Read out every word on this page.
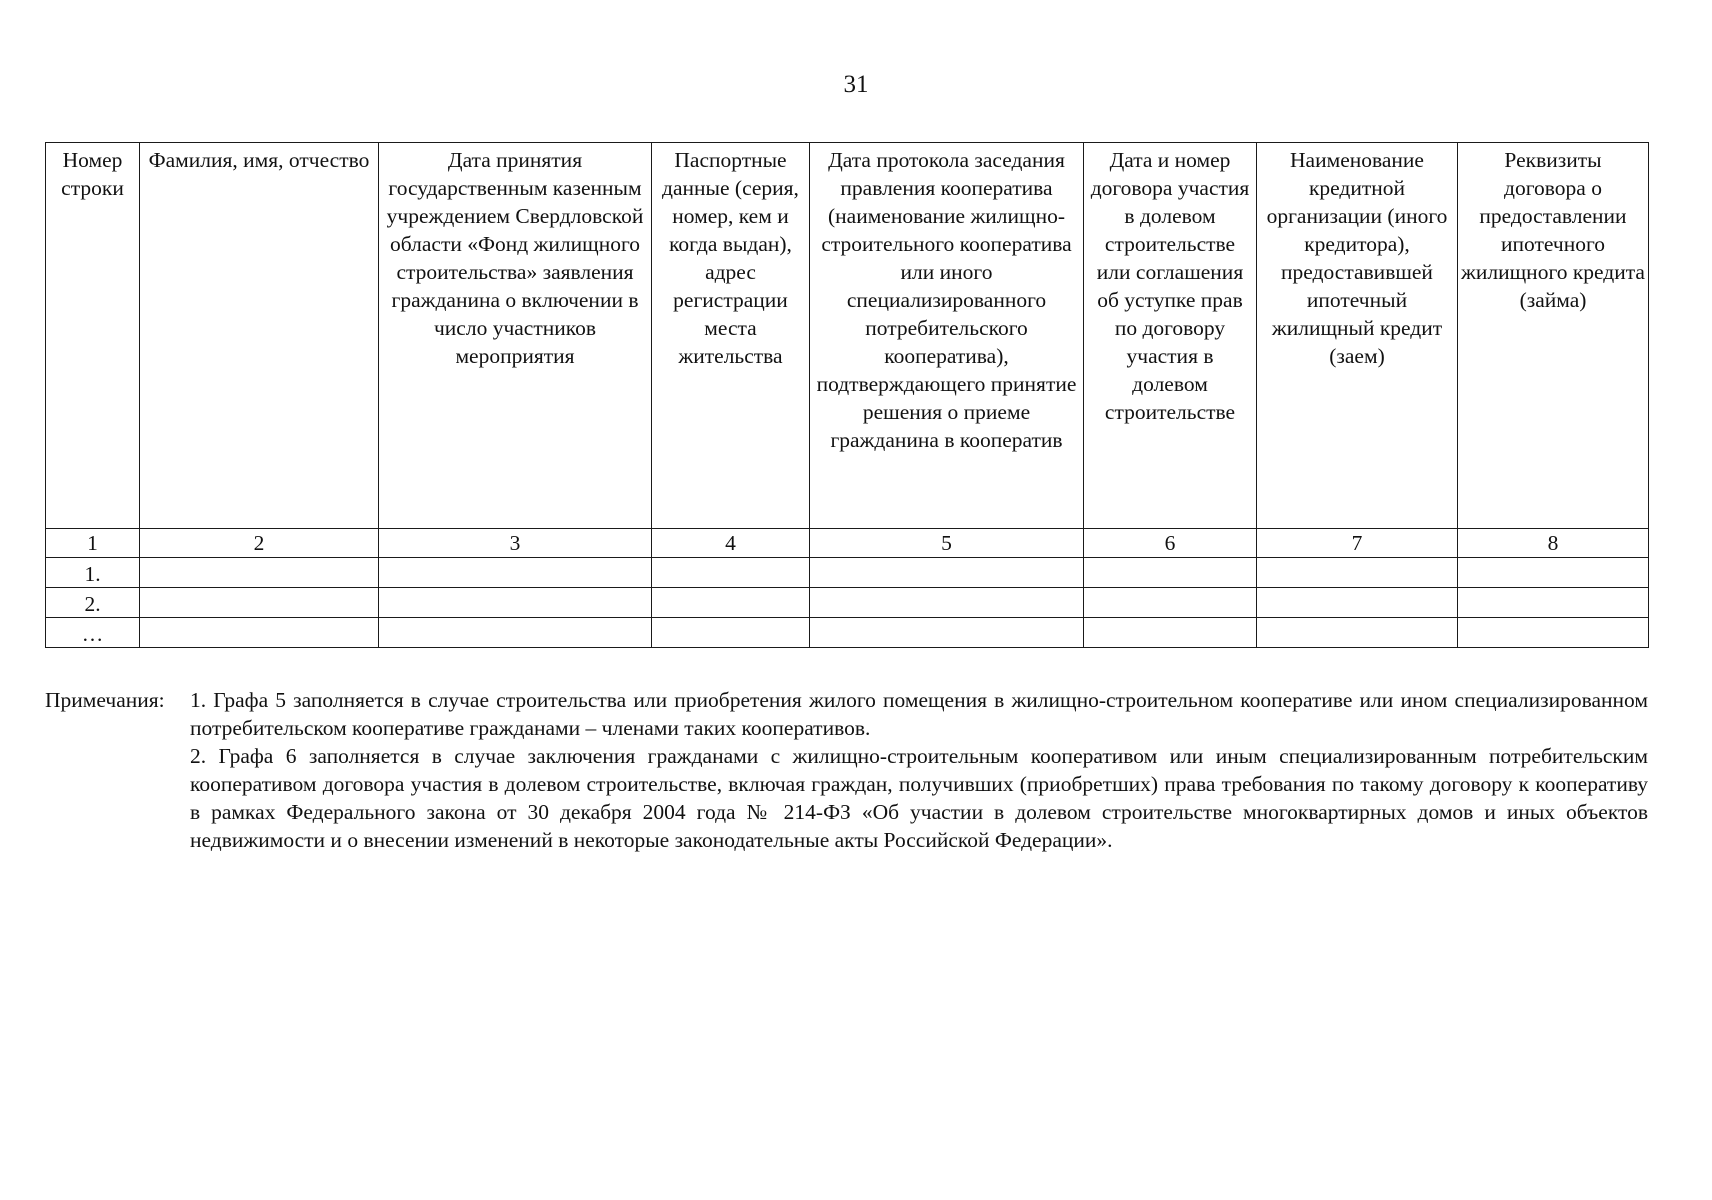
31
Номер строки	Фамилия, имя, отчество	Дата принятия государственным казенным учреждением Свердловской области «Фонд жилищного строительства» заявления гражданина о включении в число участников мероприятия	Паспортные данные (серия, номер, кем и когда выдан), адрес регистрации места жительства	Дата протокола заседания правления кооператива (наименование жилищно-строительного кооператива или иного специализированного потребительского кооператива), подтверждающего принятие решения о приеме гражданина в кооператив	Дата и номер договора участия в долевом строительстве или соглашения об уступке прав по договору участия в долевом строительстве	Наименование кредитной организации (иного кредитора), предоставившей ипотечный жилищный кредит (заем)	Реквизиты договора о предоставлении ипотечного жилищного кредита (займа)
1	2	3	4	5	6	7	8
1.							
2.							
…							
Примечания:	1. Графа 5 заполняется в случае строительства или приобретения жилого помещения в жилищно-строительном кооперативе или ином специализированном потребительском кооперативе гражданами – членами таких кооперативов.
2. Графа 6 заполняется в случае заключения гражданами с жилищно-строительным кооперативом или иным специализированным потребительским кооперативом договора участия в долевом строительстве, включая граждан, получивших (приобретших) права требования по такому договору к кооперативу в рамках Федерального закона от 30 декабря 2004 года № 214-ФЗ «Об участии в долевом строительстве многоквартирных домов и иных объектов недвижимости и о внесении изменений в некоторые законодательные акты Российской Федерации».
